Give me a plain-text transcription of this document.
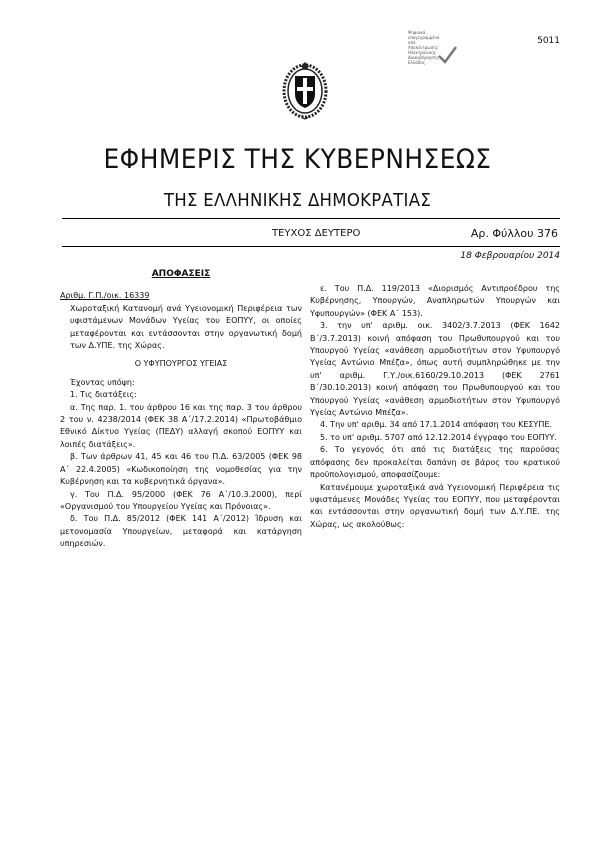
Ψηφιακά
υπογεγραμμένο
από
Αποκέντρωσης
Ηλεκτρονικής
Διακυβέρνησης
Ελλάδος
5011
ΕΦΗΜΕΡΙΣ ΤΗΣ ΚΥΒΕΡΝΗΣΕΩΣ
ΤΗΣ ΕΛΛΗΝΙΚΗΣ ΔΗΜΟΚΡΑΤΙΑΣ
ΤΕΥΧΟΣ ΔΕΥΤΕΡΟ	Αρ. Φύλλου 376
18 Φεβρουαρίου 2014
ΑΠΟΦΑΣΕΙΣ
Αριθμ. Γ.Π./οικ. 16339
Χωροταξική Κατανομή ανά Υγειονομική Περιφέρεια των υφιστάμενων Μονάδων Υγείας του ΕΟΠΥΥ, οι οποίες μεταφέρονται και εντάσσονται στην οργανωτική δομή των Δ.ΥΠΕ. της Χώρας.
Ο ΥΦΥΠΟΥΡΓΟΣ ΥΓΕΙΑΣ
Έχοντας υπόψη:
1. Τις διατάξεις:
α. Της παρ. 1. του άρθρου 16 και της παρ. 3 του άρθρου 2 του ν. 4238/2014 (ΦΕΚ 38 Α΄/17.2.2014) «Πρωτοβάθμιο Εθνικό Δίκτυο Υγείας (ΠΕΔΥ) αλλαγή σκοπού ΕΟΠΥΥ και λοιπές διατάξεις».
β. Των άρθρων 41, 45 και 46 του Π.Δ. 63/2005 (ΦΕΚ 98 Α΄ 22.4.2005) «Κωδικοποίηση της νομοθεσίας για την Κυβέρνηση και τα κυβερνητικά όργανα».
γ. Του Π.Δ. 95/2000 (ΦΕΚ 76 Α΄/10.3.2000), περί «Οργανισμού του Υπουργείου Υγείας και Πρόνοιας».
δ. Του Π.Δ. 85/2012 (ΦΕΚ 141 Α΄/2012) Ίδρυση και μετονομασία Υπουργείων, μεταφορά και κατάργηση υπηρεσιών.
ε. Του Π.Δ. 119/2013 «Διορισμός Αντιπροέδρου της Κυβέρνησης, Υπουργών, Αναπληρωτών Υπουργών και Υφυπουργών» (ΦΕΚ Α΄ 153).
3. την υπ' αριθμ. οικ. 3402/3.7.2013 (ΦΕΚ 1642 Β΄/3.7.2013) κοινή απόφαση του Πρωθυπουργού και του Υπουργού Υγείας «ανάθεση αρμοδιοτήτων στον Υφυπουργό Υγείας Αντώνιο Μπέζα», όπως αυτή συμπληρώθηκε με την υπ' αριθμ. Γ.Υ./οικ.6160/29.10.2013 (ΦΕΚ 2761 Β΄/30.10.2013) κοινή απόφαση του Πρωθυπουργού και του Υπουργού Υγείας «ανάθεση αρμοδιοτήτων στον Υφυπουργό Υγείας Αντώνιο Μπέζα».
4. Την υπ' αριθμ. 34 από 17.1.2014 απόφαση του ΚΕΣΥΠΕ.
5. το υπ' αριθμ. 5707 από 12.12.2014 έγγραφο του ΕΟΠΥΥ.
6. Το γεγονός ότι από τις διατάξεις της παρούσας απόφασης δεν προκαλείται δαπάνη σε βάρος του κρατικού προϋπολογισμού, αποφασίζουμε:
Κατανέμουμε χωροταξικά ανά Υγειονομική Περιφέρεια τις υφιστάμενες Μονάδες Υγείας του ΕΟΠΥΥ, που μεταφέρονται και εντάσσονται στην οργανωτική δομή των Δ.Υ.ΠΕ. της Χώρας, ως ακολούθως:
